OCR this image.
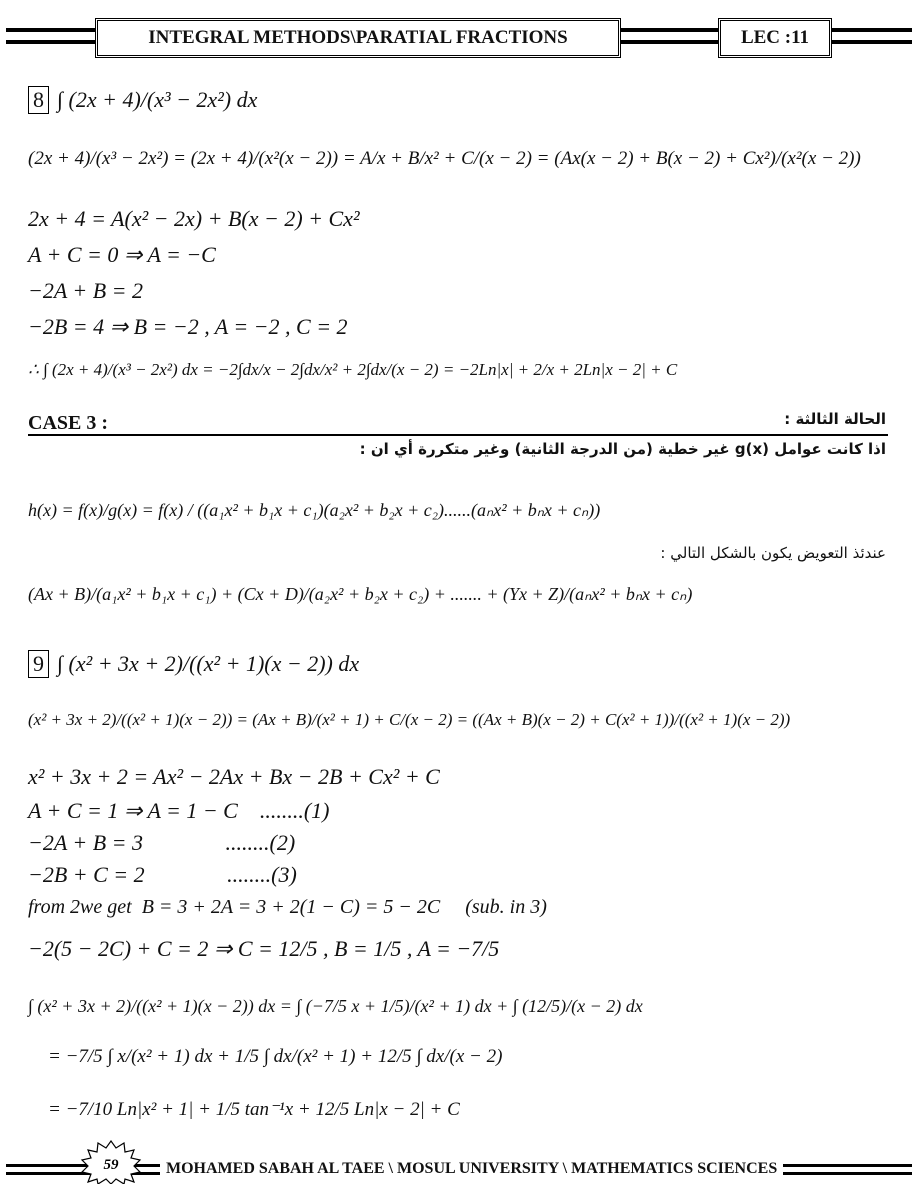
INTEGRAL METHODS\PARATIAL FRACTIONS	LEC :11
8 ∫ (2x + 4)/(x³ − 2x²) dx
(2x + 4)/(x³ − 2x²) = (2x + 4)/(x²(x − 2)) = A/x + B/x² + C/(x − 2) = (Ax(x − 2) + B(x − 2) + Cx²)/(x²(x − 2))
2x + 4 = A(x² − 2x) + B(x − 2) + Cx²
A + C = 0 ⇒ A = −C
−2A + B = 2
−2B = 4 ⇒ B = −2 , A = −2 , C = 2
∴ ∫ (2x + 4)/(x³ − 2x²) dx = −2∫dx/x − 2∫dx/x² + 2∫dx/(x − 2) = −2Ln|x| + 2/x + 2Ln|x − 2| + C
CASE 3 :	الحالة الثالثة :
اذا كانت عوامل g(x) غير خطية (من الدرجة الثانية) وغير متكررة أي ان :
h(x) = f(x)/g(x) = f(x) / ((a₁x² + b₁x + c₁)(a₂x² + b₂x + c₂)......(aₙx² + bₙx + cₙ))
عندئذ التعويض يكون بالشكل التالي :
(Ax + B)/(a₁x² + b₁x + c₁) + (Cx + D)/(a₂x² + b₂x + c₂) + ....... + (Yx + Z)/(aₙx² + bₙx + cₙ)
9 ∫ (x² + 3x + 2)/((x² + 1)(x − 2)) dx
(x² + 3x + 2)/((x² + 1)(x − 2)) = (Ax + B)/(x² + 1) + C/(x − 2) = ((Ax + B)(x − 2) + C(x² + 1))/((x² + 1)(x − 2))
x² + 3x + 2 = Ax² − 2Ax + Bx − 2B + Cx² + C
A + C = 1 ⇒ A = 1 − C    ........(1)
−2A + B = 3               ........(2)
−2B + C = 2               ........(3)
from 2we get  B = 3 + 2A = 3 + 2(1 − C) = 5 − 2C     (sub. in 3)
−2(5 − 2C) + C = 2 ⇒ C = 12/5 , B = 1/5 , A = −7/5
∫ (x² + 3x + 2)/((x² + 1)(x − 2)) dx = ∫ (−7/5 x + 1/5)/(x² + 1) dx + ∫ (12/5)/(x − 2) dx
= −7/5 ∫ x/(x² + 1) dx + 1/5 ∫ dx/(x² + 1) + 12/5 ∫ dx/(x − 2)
= −7/10 Ln|x² + 1| + 1/5 tan⁻¹x + 12/5 Ln|x − 2| + C
59	MOHAMED SABAH AL TAEE \ MOSUL UNIVERSITY \ MATHEMATICS SCIENCES
